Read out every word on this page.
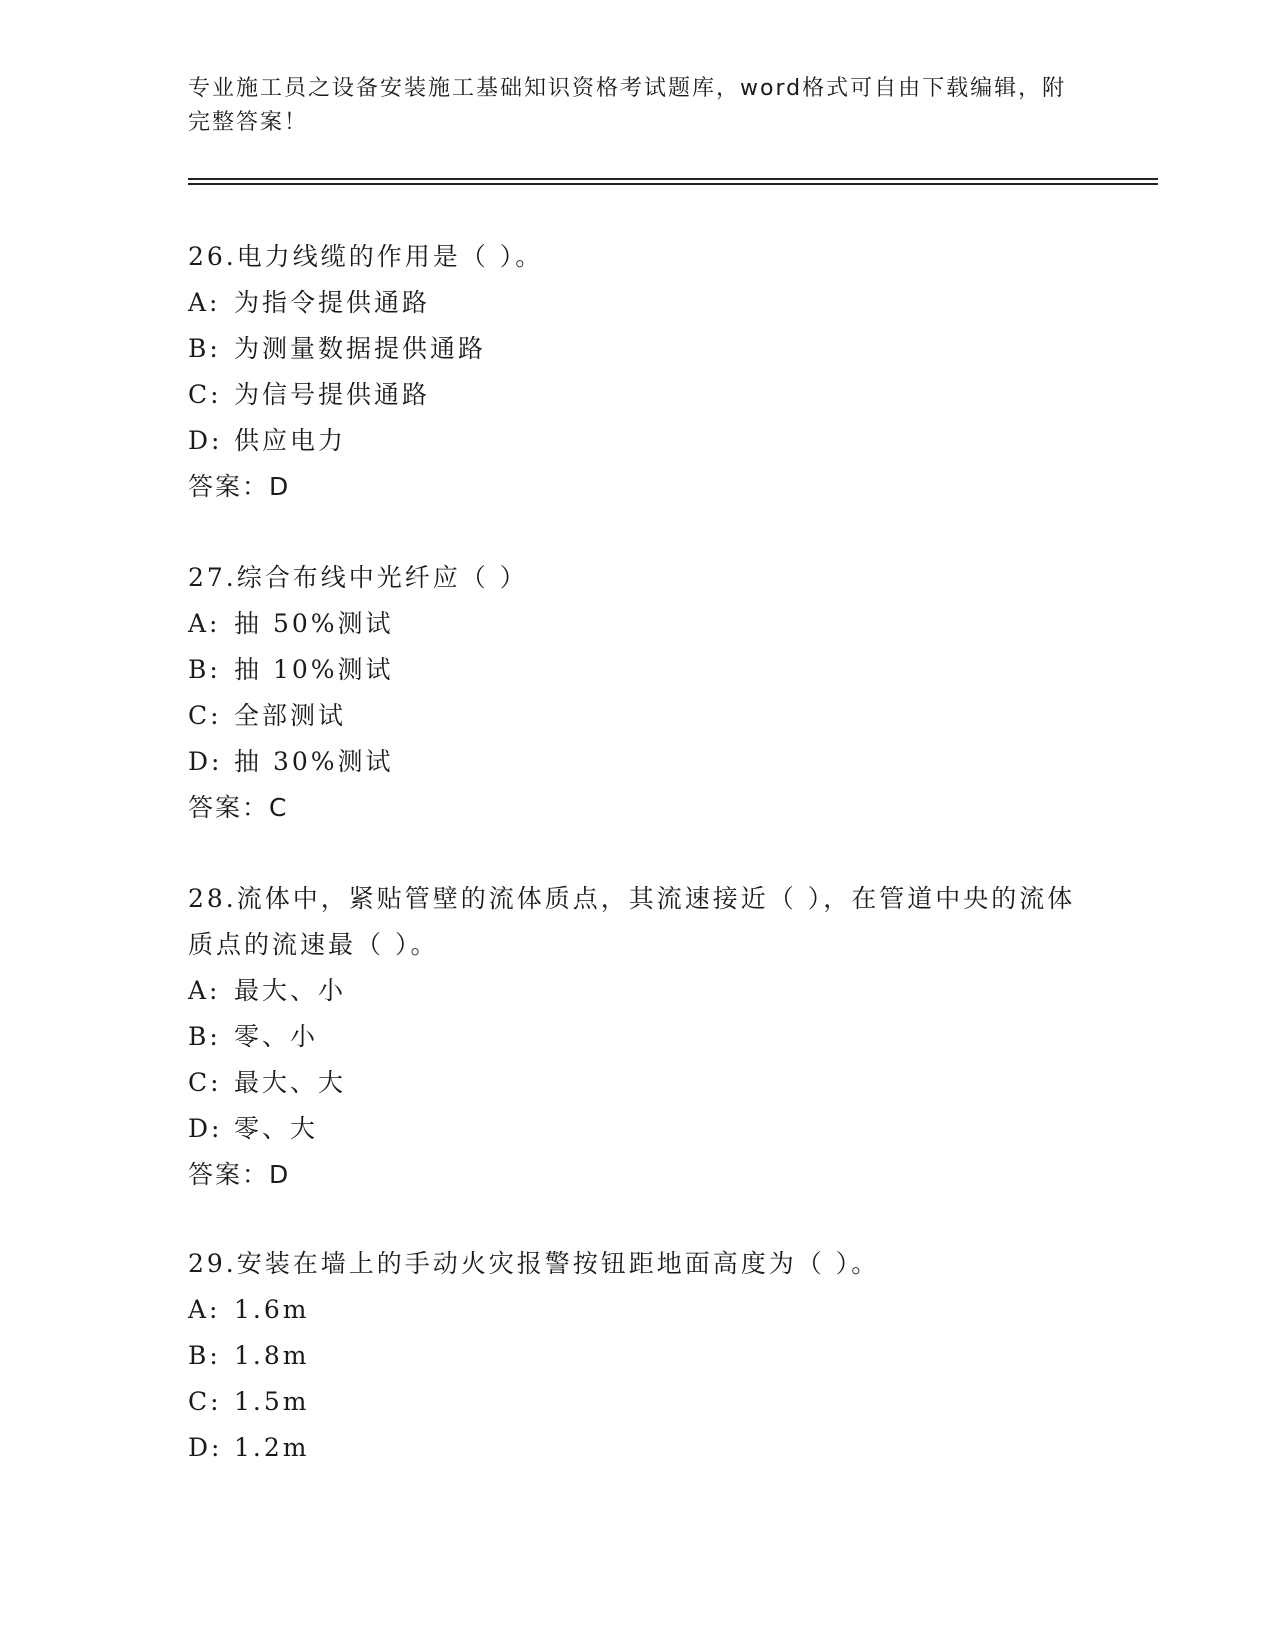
专业施工员之设备安装施工基础知识资格考试题库，word格式可自由下载编辑，附完整答案！

26.电力线缆的作用是（ ）。

A: 为指令提供通路
B: 为测量数据提供通路
C: 为信号提供通路
D: 供应电力
答案：D

27.综合布线中光纤应（ ）

A: 抽 50%测试
B: 抽 10%测试
C: 全部测试
D: 抽 30%测试
答案：C

28.流体中，紧贴管壁的流体质点，其流速接近（ ），在管道中央的流体质点的流速最（ ）。

A: 最大、小
B: 零、小
C: 最大、大
D: 零、大
答案：D

29.安装在墙上的手动火灾报警按钮距地面高度为（ ）。

A: 1.6m
B: 1.8m
C: 1.5m
D: 1.2m
